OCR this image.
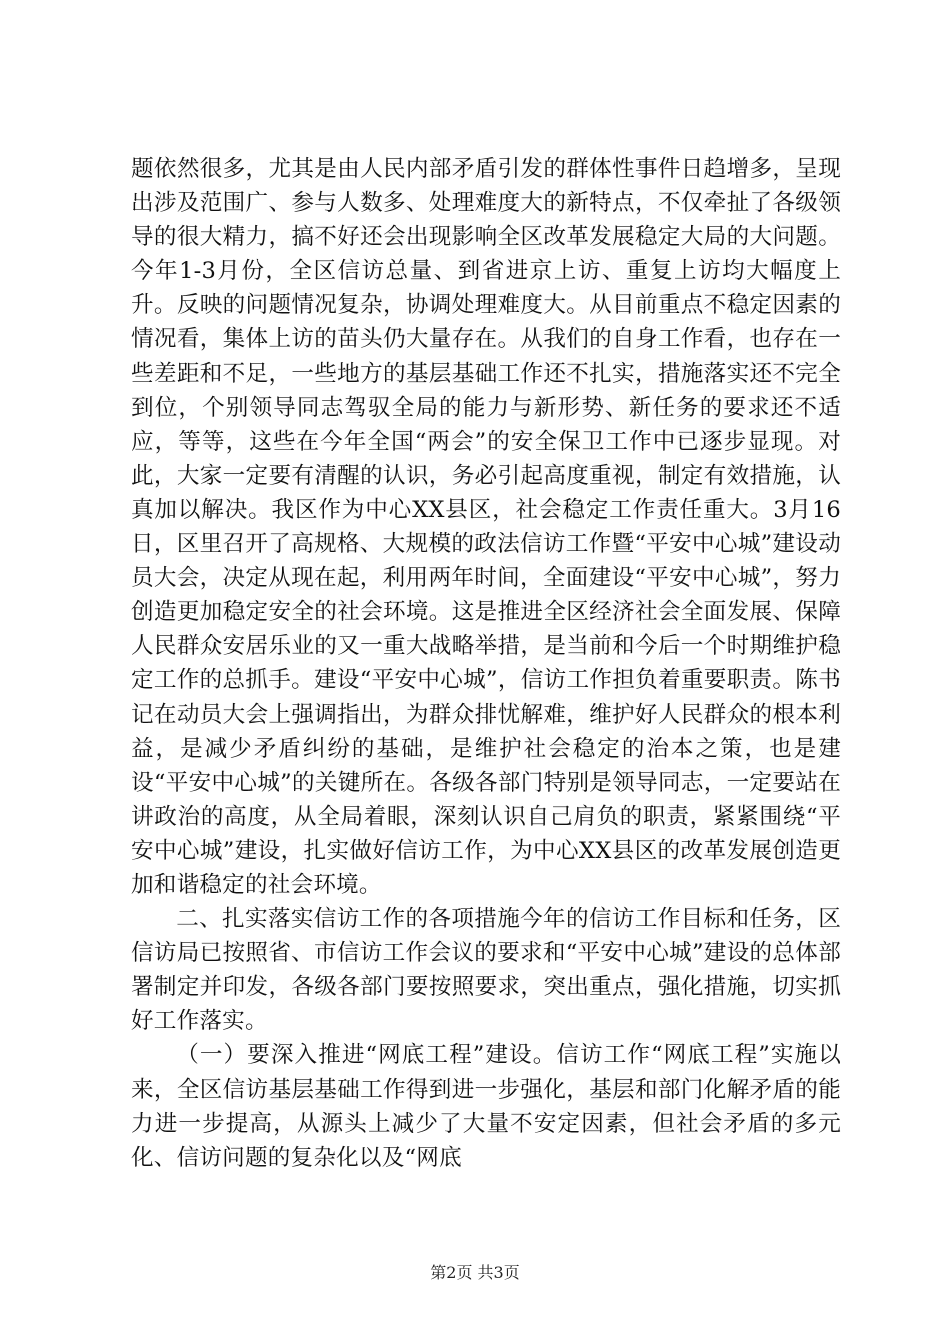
题依然很多，尤其是由人民内部矛盾引发的群体性事件日趋增多，呈现出涉及范围广、参与人数多、处理难度大的新特点，不仅牵扯了各级领导的很大精力，搞不好还会出现影响全区改革发展稳定大局的大问题。今年1-3月份，全区信访总量、到省进京上访、重复上访均大幅度上升。反映的问题情况复杂，协调处理难度大。从目前重点不稳定因素的情况看，集体上访的苗头仍大量存在。从我们的自身工作看，也存在一些差距和不足，一些地方的基层基础工作还不扎实，措施落实还不完全到位，个别领导同志驾驭全局的能力与新形势、新任务的要求还不适应，等等，这些在今年全国“两会”的安全保卫工作中已逐步显现。对此，大家一定要有清醒的认识，务必引起高度重视，制定有效措施，认真加以解决。我区作为中心XX县区，社会稳定工作责任重大。3月16日，区里召开了高规格、大规模的政法信访工作暨“平安中心城”建设动员大会，决定从现在起，利用两年时间，全面建设“平安中心城”，努力创造更加稳定安全的社会环境。这是推进全区经济社会全面发展、保障人民群众安居乐业的又一重大战略举措，是当前和今后一个时期维护稳定工作的总抓手。建设“平安中心城”，信访工作担负着重要职责。陈书记在动员大会上强调指出，为群众排忧解难，维护好人民群众的根本利益，是减少矛盾纠纷的基础，是维护社会稳定的治本之策，也是建设“平安中心城”的关键所在。各级各部门特别是领导同志，一定要站在讲政治的高度，从全局着眼，深刻认识自己肩负的职责，紧紧围绕“平安中心城”建设，扎实做好信访工作，为中心XX县区的改革发展创造更加和谐稳定的社会环境。

二、扎实落实信访工作的各项措施今年的信访工作目标和任务，区信访局已按照省、市信访工作会议的要求和“平安中心城”建设的总体部署制定并印发，各级各部门要按照要求，突出重点，强化措施，切实抓好工作落实。

（一）要深入推进“网底工程”建设。信访工作“网底工程”实施以来，全区信访基层基础工作得到进一步强化，基层和部门化解矛盾的能力进一步提高，从源头上减少了大量不安定因素，但社会矛盾的多元化、信访问题的复杂化以及“网底

第2页 共3页
